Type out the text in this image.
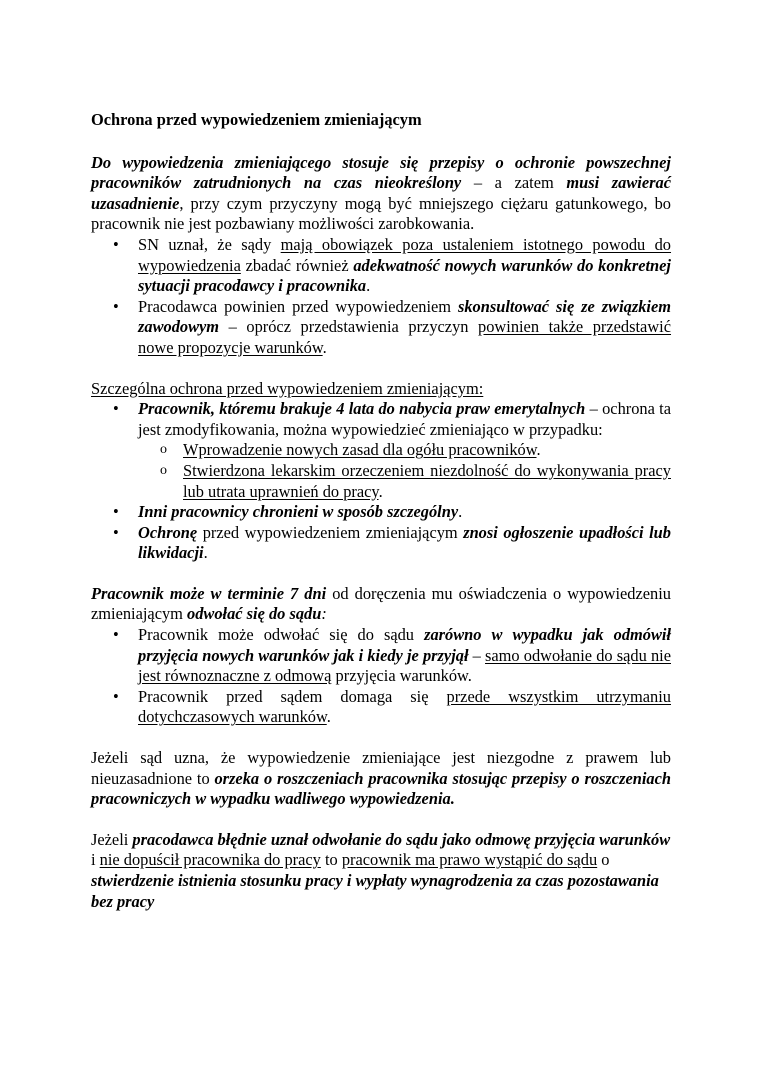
Ochrona przed wypowiedzeniem zmieniającym

Do wypowiedzenia zmieniającego stosuje się przepisy o ochronie powszechnej pracowników zatrudnionych na czas nieokreślony – a zatem musi zawierać uzasadnienie, przy czym przyczyny mogą być mniejszego ciężaru gatunkowego, bo pracownik nie jest pozbawiany możliwości zarobkowania.

• SN uznał, że sądy mają obowiązek poza ustaleniem istotnego powodu do wypowiedzenia zbadać również adekwatność nowych warunków do konkretnej sytuacji pracodawcy i pracownika.
• Pracodawca powinien przed wypowiedzeniem skonsultować się ze związkiem zawodowym – oprócz przedstawienia przyczyn powinien także przedstawić nowe propozycje warunków.

Szczególna ochrona przed wypowiedzeniem zmieniającym:

• Pracownik, któremu brakuje 4 lata do nabycia praw emerytalnych – ochrona ta jest zmodyfikowania, można wypowiedzieć zmieniająco w przypadku:
o Wprowadzenie nowych zasad dla ogółu pracowników.
o Stwierdzona lekarskim orzeczeniem niezdolność do wykonywania pracy lub utrata uprawnień do pracy.
• Inni pracownicy chronieni w sposób szczególny.
• Ochronę przed wypowiedzeniem zmieniającym znosi ogłoszenie upadłości lub likwidacji.

Pracownik może w terminie 7 dni od doręczenia mu oświadczenia o wypowiedzeniu zmieniającym odwołać się do sądu:

• Pracownik może odwołać się do sądu zarówno w wypadku jak odmówił przyjęcia nowych warunków jak i kiedy je przyjął – samo odwołanie do sądu nie jest równoznaczne z odmową przyjęcia warunków.
• Pracownik przed sądem domaga się przede wszystkim utrzymaniu dotychczasowych warunków.

Jeżeli sąd uzna, że wypowiedzenie zmieniające jest niezgodne z prawem lub nieuzasadnione to orzeka o roszczeniach pracownika stosując przepisy o roszczeniach pracowniczych w wypadku wadliwego wypowiedzenia.

Jeżeli pracodawca błędnie uznał odwołanie do sądu jako odmowę przyjęcia warunków i nie dopuścił pracownika do pracy to pracownik ma prawo wystąpić do sądu o stwierdzenie istnienia stosunku pracy i wypłaty wynagrodzenia za czas pozostawania bez pracy
